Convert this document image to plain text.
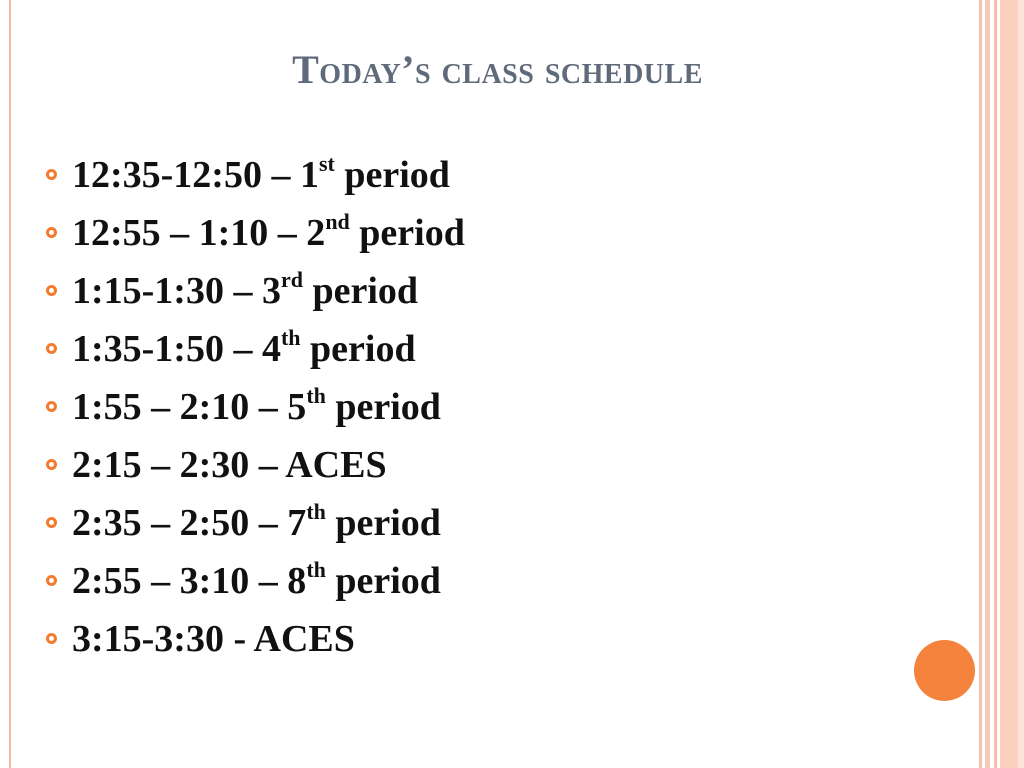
Today’s class schedule
12:35-12:50 – 1st period
12:55 – 1:10 – 2nd period
1:15-1:30 – 3rd period
1:35-1:50 – 4th period
1:55 – 2:10 – 5th period
2:15 – 2:30 – ACES
2:35 – 2:50 – 7th period
2:55 – 3:10 – 8th period
3:15-3:30 - ACES
